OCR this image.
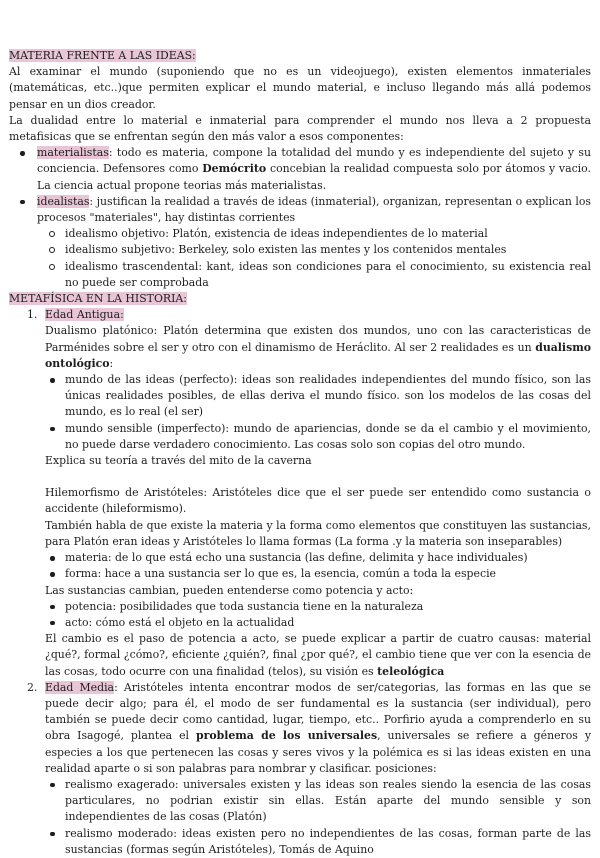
MATERIA FRENTE A LAS IDEAS:

Al examinar el mundo (suponiendo que no es un videojuego), existen elementos inmateriales (matemáticas, etc..)que permiten explicar el mundo material, e incluso llegando más allá podemos pensar en un dios creador.

La dualidad entre lo material e inmaterial para comprender el mundo nos lleva a 2 propuesta metafisicas que se enfrentan según den más valor a esos componentes:

materialistas: todo es materia, compone la totalidad del mundo y es independiente del sujeto y su conciencia. Defensores como Demócrito concebian la realidad compuesta solo por átomos y vacio. La ciencia actual propone teorias más materialistas.
idealistas: justifican la realidad a través de ideas (inmaterial), organizan, representan o explican los procesos "materiales", hay distintas corrientes
idealismo objetivo: Platón, existencia de ideas independientes de lo material
idealismo subjetivo: Berkeley, solo existen las mentes y los contenidos mentales
idealismo trascendental: kant, ideas son condiciones para el conocimiento, su existencia real no puede ser comprobada

METAFÍSICA EN LA HISTORIA:

1. Edad Antigua:

Dualismo platónico: Platón determina que existen dos mundos, uno con las caracteristicas de Parménides sobre el ser y otro con el dinamismo de Heráclito. Al ser 2 realidades es un dualismo ontológico:

mundo de las ideas (perfecto): ideas son realidades independientes del mundo físico, son las únicas realidades posibles, de ellas deriva el mundo físico. son los modelos de las cosas del mundo, es lo real (el ser)
mundo sensible (imperfecto): mundo de apariencias, donde se da el cambio y el movimiento, no puede darse verdadero conocimiento. Las cosas solo son copias del otro mundo.

Explica su teoría a través del mito de la caverna

Hilemorfismo de Aristóteles: Aristóteles dice que el ser puede ser entendido como sustancia o accidente (hileformismo).

También habla de que existe la materia y la forma como elementos que constituyen las sustancias, para Platón eran ideas y Aristóteles lo llama formas (La forma .y la materia son inseparables)

materia: de lo que está echo una sustancia (las define, delimita y hace individuales)
forma: hace a una sustancia ser lo que es, la esencia, común a toda la especie

Las sustancias cambian, pueden entenderse como potencia y acto:

potencia: posibilidades que toda sustancia tiene en la naturaleza
acto: cómo está el objeto en la actualidad

El cambio es el paso de potencia a acto, se puede explicar a partir de cuatro causas: material ¿qué?, formal ¿cómo?, eficiente ¿quién?, final ¿por qué?, el cambio tiene que ver con la esencia de las cosas, todo ocurre con una finalidad (telos), su visión es teleológica

2. Edad Media: Aristóteles intenta encontrar modos de ser/categorias, las formas en las que se puede decir algo; para él, el modo de ser fundamental es la sustancia (ser individual), pero también se puede decir como cantidad, lugar, tiempo, etc.. Porfirio ayuda a comprenderlo en su obra Isagogé, plantea el problema de los universales, universales se refiere a géneros y especies a los que pertenecen las cosas y seres vivos y la polémica es si las ideas existen en una realidad aparte o si son palabras para nombrar y clasificar. posiciones:

realismo exagerado: universales existen y las ideas son reales siendo la esencia de las cosas particulares, no podrian existir sin ellas. Están aparte del mundo sensible y son independientes de las cosas (Platón)
realismo moderado: ideas existen pero no independientes de las cosas, forman parte de las sustancias (formas según Aristóteles), Tomás de Aquino
